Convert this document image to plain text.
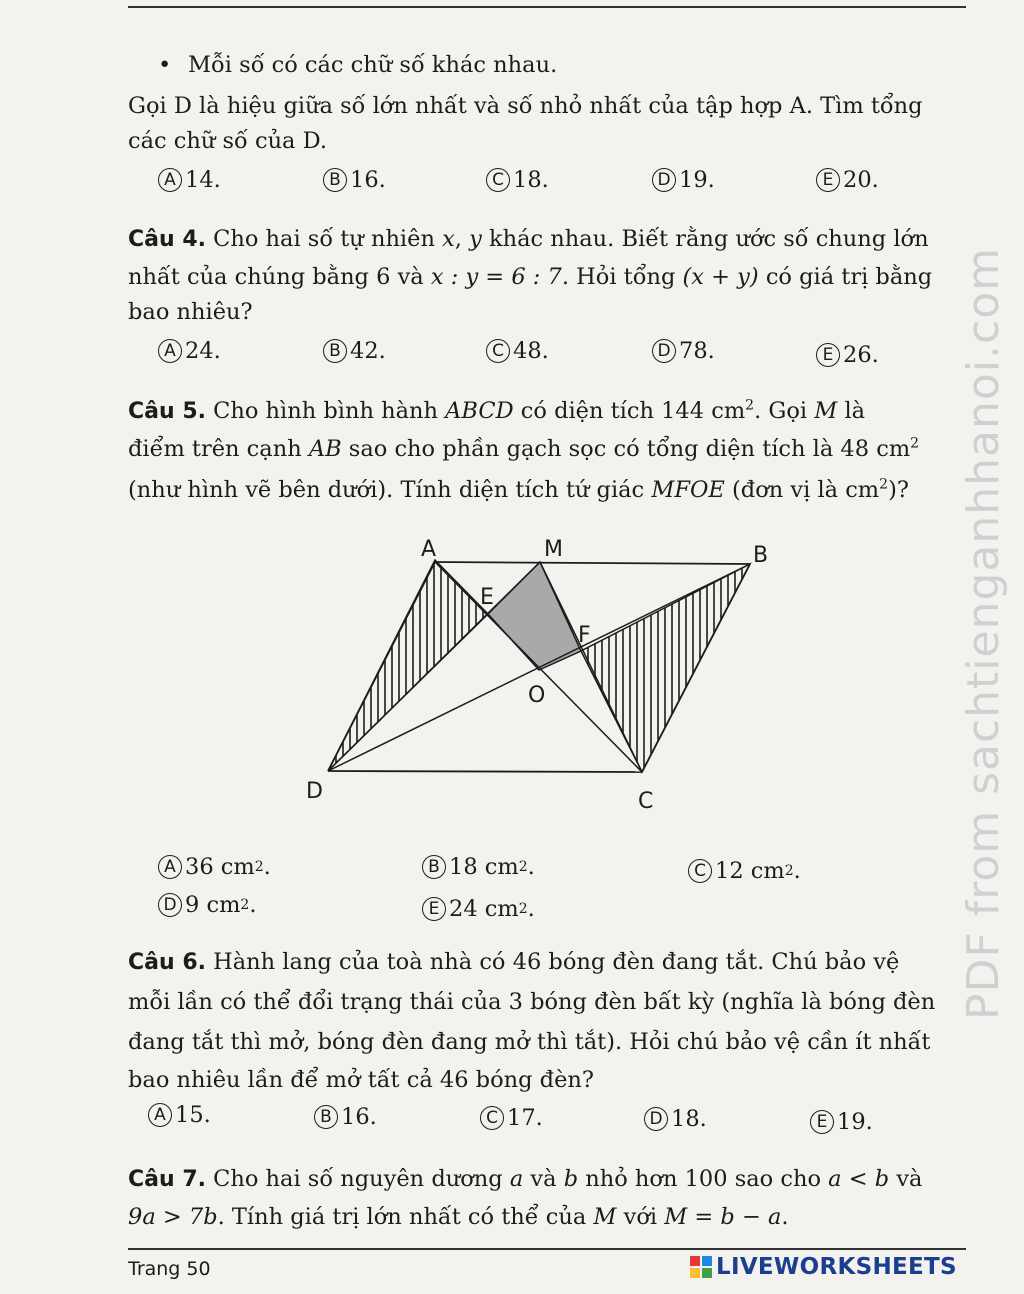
• Mỗi số có các chữ số khác nhau.
Gọi D là hiệu giữa số lớn nhất và số nhỏ nhất của tập hợp A. Tìm tổng
các chữ số của D.
A 14.	B 16.	C 18.	D 19.	E 20.
Câu 4. Cho hai số tự nhiên x, y khác nhau. Biết rằng ước số chung lớn
nhất của chúng bằng 6 và x : y = 6 : 7. Hỏi tổng (x + y) có giá trị bằng
bao nhiêu?
A 24.	B 42.	C 48.	D 78.	E 26.
Câu 5. Cho hình bình hành ABCD có diện tích 144 $cm^2$. Gọi M là
điểm trên cạnh AB sao cho phần gạch sọc có tổng diện tích là 48 $cm^2$
(như hình vẽ bên dưới). Tính diện tích tứ giác MFOE (đơn vị là $cm^2$)?
A	M	B
E
F
O
D	C
A 36 cm 2 .	B 18 cm 2 .	C 12 cm 2 .
D 9 cm 2 .	E 24 cm 2 .
Câu 6. Hành lang của toà nhà có 46 bóng đèn đang tắt. Chú bảo vệ
mỗi lần có thể đổi trạng thái của 3 bóng đèn bất kỳ (nghĩa là bóng đèn
đang tắt thì mở, bóng đèn đang mở thì tắt). Hỏi chú bảo vệ cần ít nhất
bao nhiêu lần để mở tất cả 46 bóng đèn?
A 15.	B 16.	C 17.	D 18.	E 19.
Câu 7. Cho hai số nguyên dương a và b nhỏ hơn 100 sao cho a < b và
9a > 7b. Tính giá trị lớn nhất có thể của M với M = b − a.
Trang 50	LIVEWORKSHEETS
PDF from sachtienganhhanoi.com
